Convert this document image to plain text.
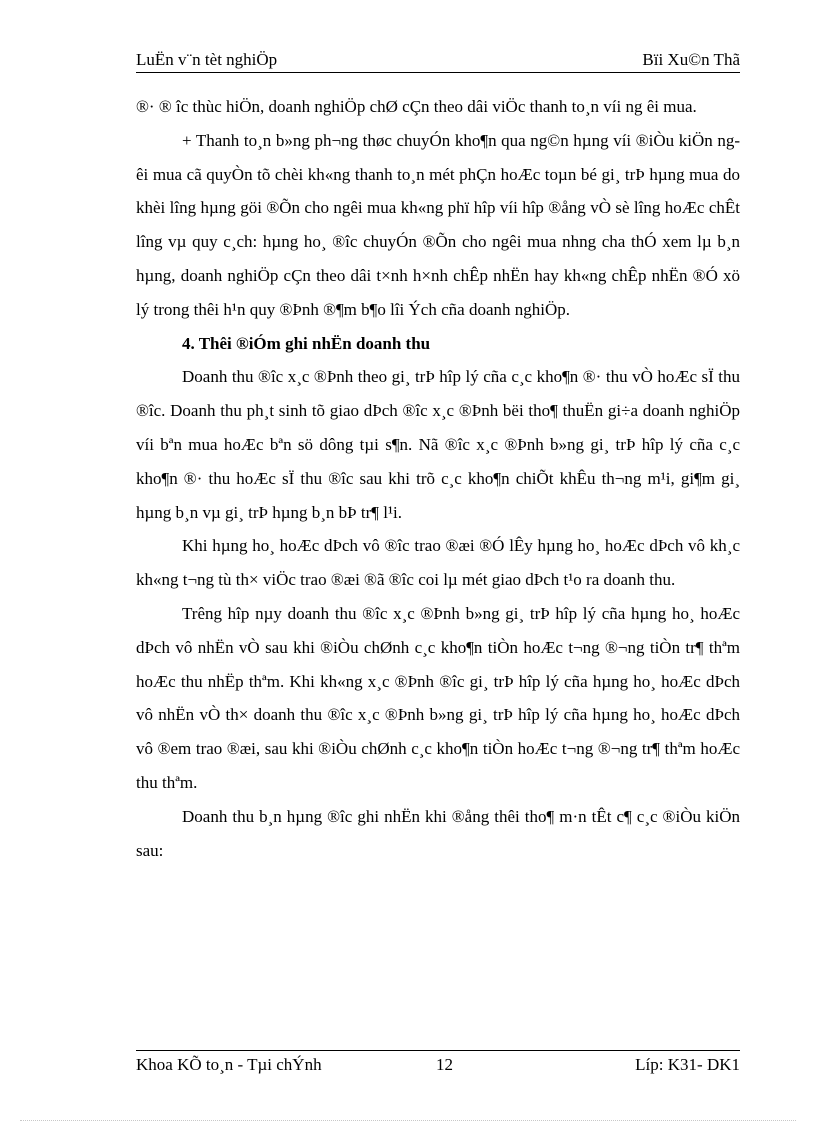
LuËn v¨n tèt nghiÖp	Bïi Xu©n Thã

®· ® îc thùc hiÖn, doanh nghiÖp chØ cÇn theo dâi viÖc thanh to¸n víi ng êi mua.

+ Thanh to¸n b»ng ph¬ng thøc chuyÓn kho¶n qua ng©n hµng víi ®iÒu kiÖn ngêi mua cã quyÒn tõ chèi kh«ng thanh to¸n mét phÇn hoÆc toµn bé gi¸ trÞ hµng mua do khèi lîng hµng göi ®Õn cho ngêi mua kh«ng phï hîp víi hîp ®ång vÒ sè lîng hoÆc chÊt lîng vµ quy c¸ch: hµng ho¸ ®îc chuyÓn ®Õn cho ngêi mua nhng cha thÓ xem lµ b¸n hµng, doanh nghiÖp cÇn theo dâi t×nh h×nh chÊp nhËn hay kh«ng chÊp nhËn ®Ó xö lý trong thêi h¹n quy ®Þnh ®¶m b¶o lîi Ých cña doanh nghiÖp.

4. Thêi ®iÓm ghi nhËn doanh thu

Doanh thu ®îc x¸c ®Þnh theo gi¸ trÞ hîp lý cña c¸c kho¶n ®· thu vÒ hoÆc sÏ thu ®îc. Doanh thu ph¸t sinh tõ giao dÞch ®îc x¸c ®Þnh bëi tho¶ thuËn gi÷a doanh nghiÖp víi bªn mua hoÆc bªn sö dông tµi s¶n. Nã ®îc x¸c ®Þnh b»ng gi¸ trÞ hîp lý cña c¸c kho¶n ®· thu hoÆc sÏ thu ®îc sau khi trõ c¸c kho¶n chiÕt khÊu th¬ng m¹i, gi¶m gi¸ hµng b¸n vµ gi¸ trÞ hµng b¸n bÞ tr¶ l¹i.

Khi hµng ho¸ hoÆc dÞch vô ®îc trao ®æi ®Ó lÊy hµng ho¸ hoÆc dÞch vô kh¸c kh«ng t¬ng tù th× viÖc trao ®æi ®ã ®îc coi lµ mét giao dÞch t¹o ra doanh thu.

Trêng hîp nµy doanh thu ®îc x¸c ®Þnh b»ng gi¸ trÞ hîp lý cña hµng ho¸ hoÆc dÞch vô nhËn vÒ sau khi ®iÒu chØnh c¸c kho¶n tiÒn hoÆc t¬ng ®¬ng tiÒn tr¶ thªm hoÆc thu nhËp thªm. Khi kh«ng x¸c ®Þnh ®îc gi¸ trÞ hîp lý cña hµng ho¸ hoÆc dÞch vô nhËn vÒ th× doanh thu ®îc x¸c ®Þnh b»ng gi¸ trÞ hîp lý cña hµng ho¸ hoÆc dÞch vô ®em trao ®æi, sau khi ®iÒu chØnh c¸c kho¶n tiÒn hoÆc t¬ng ®¬ng tr¶ thªm hoÆc thu thªm.

Doanh thu b¸n hµng ®îc ghi nhËn khi ®ång thêi tho¶ m·n tÊt c¶ c¸c ®iÒu kiÖn sau:

Khoa KÕ to¸n - Tµi chÝnh	12	Líp: K31- DK1
